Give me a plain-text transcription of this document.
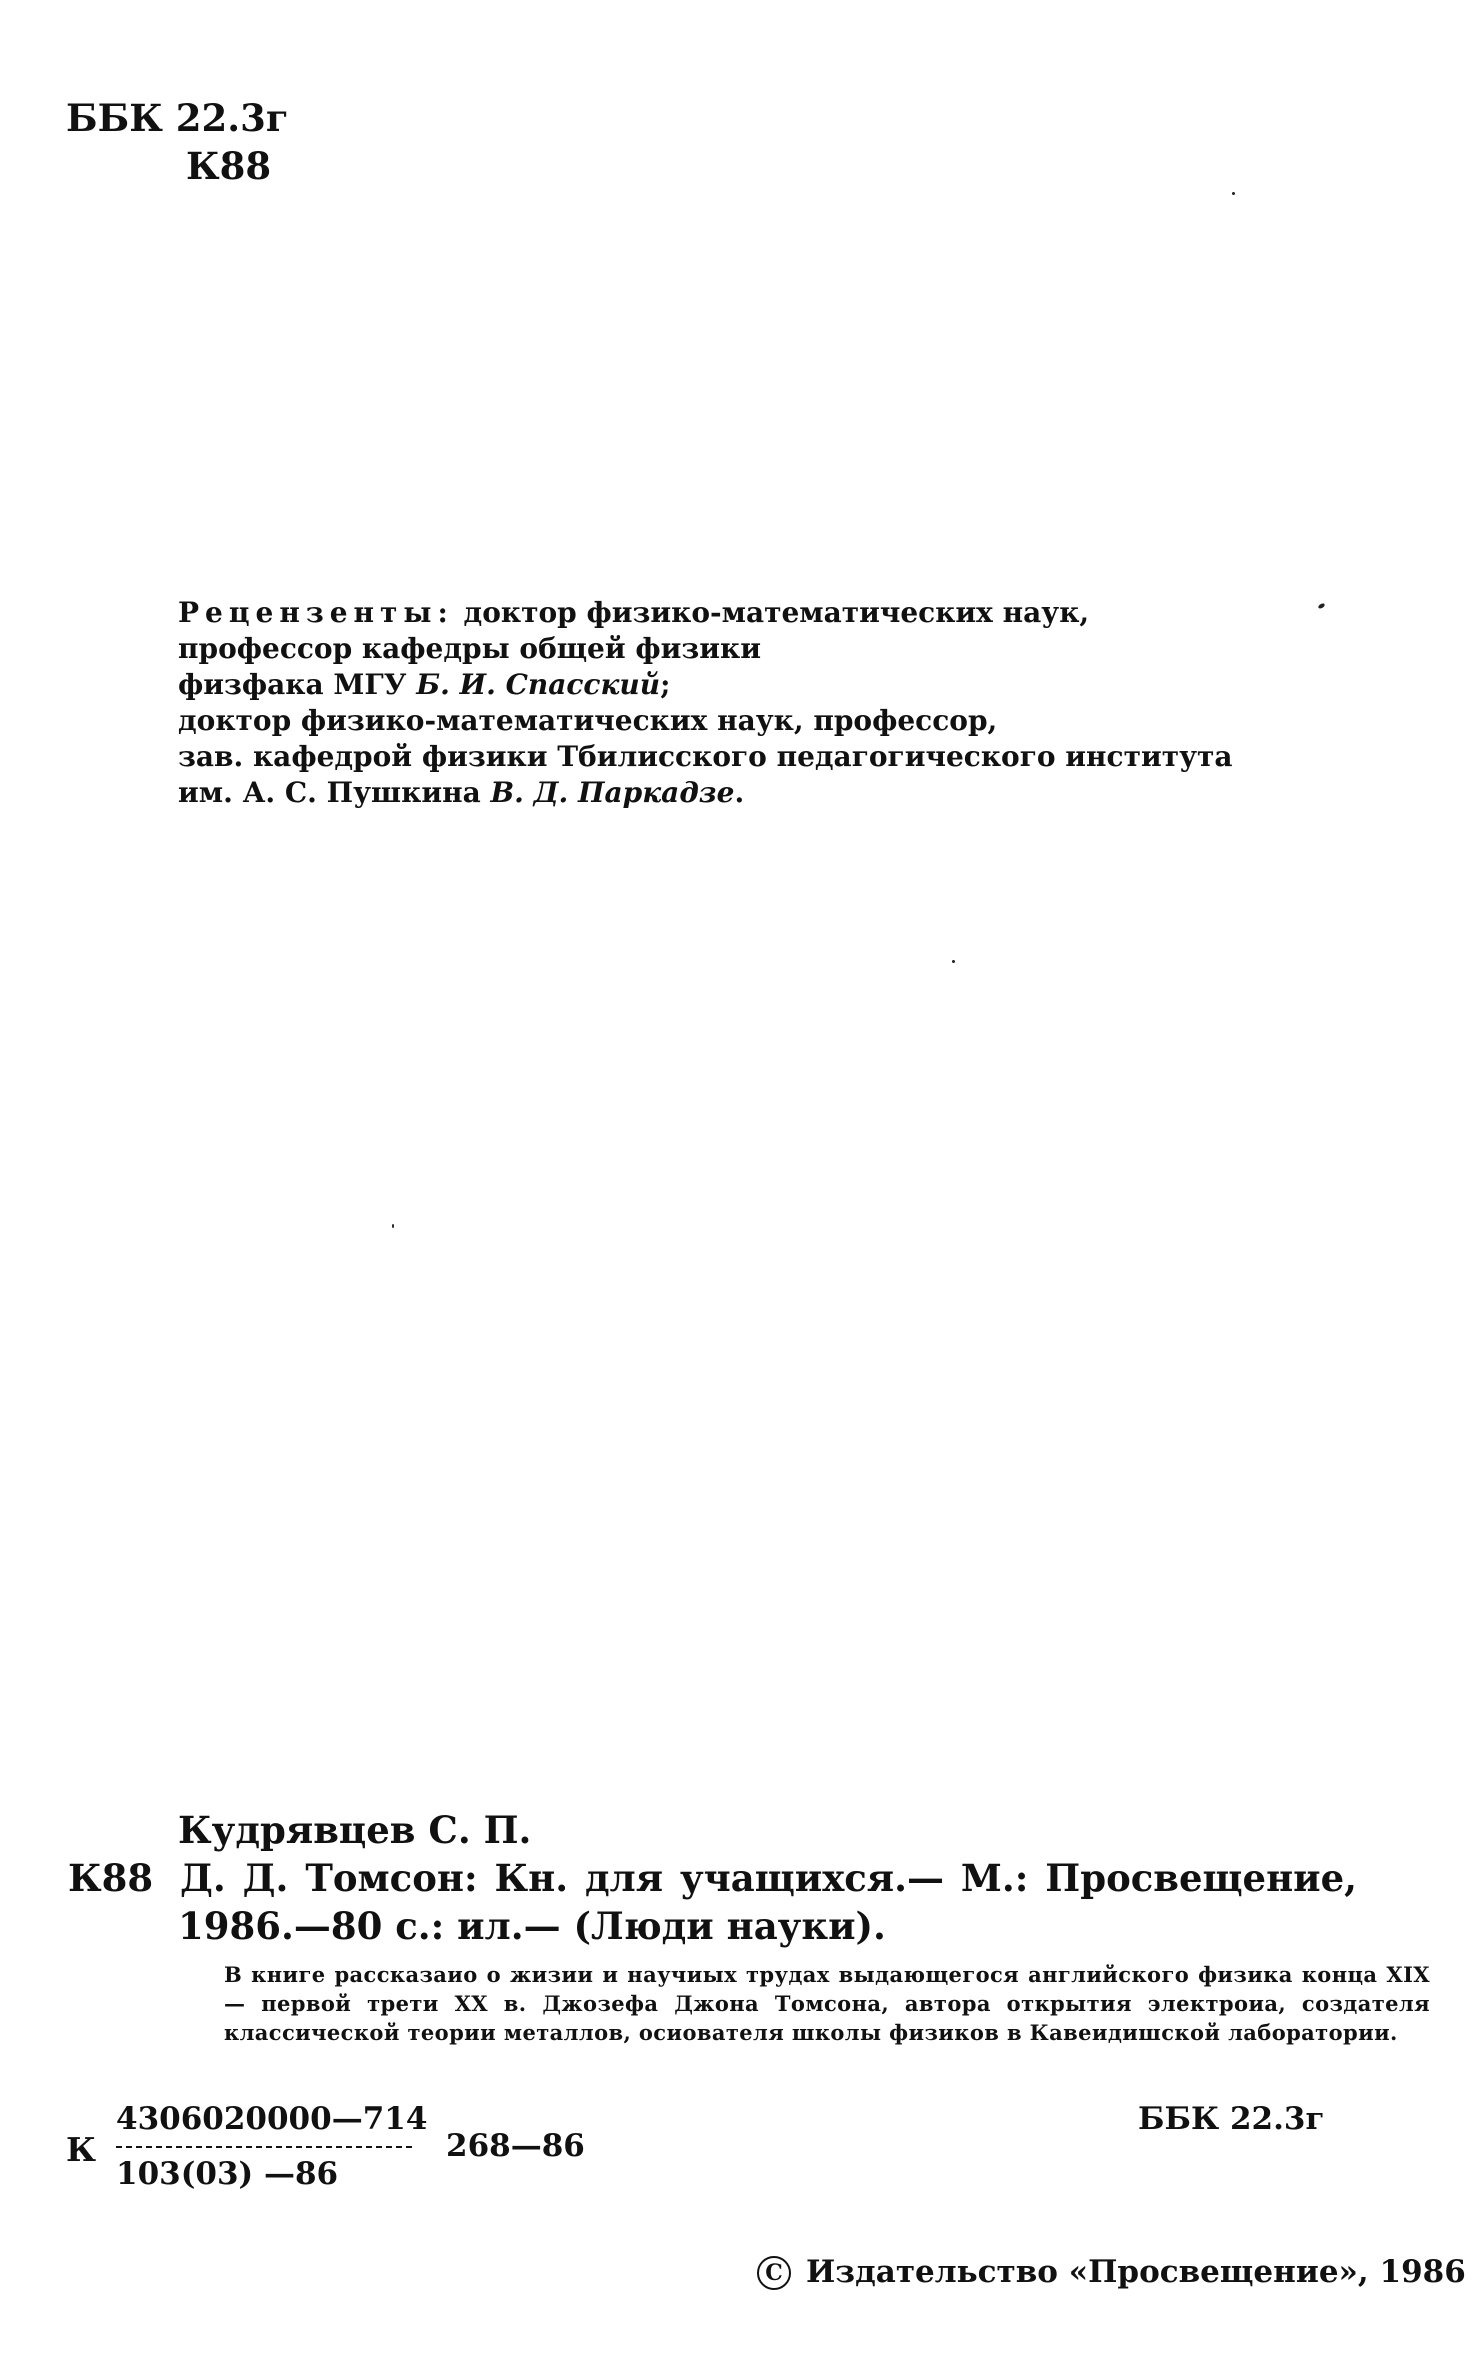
ББК 22.3г
К88
Рецензенты: доктор физико-математических наук,
профессор кафедры общей физики
физфака МГУ Б. И. Спасский;
доктор физико-математических наук, профессор,
зав. кафедрой физики Тбилисского педагогического института
им. А. С. Пушкина В. Д. Паркадзе.
Кудрявцев С. П.
К88 Д. Д. Томсон: Кн. для учащихся.— М.: Просвещение,
1986.—80 с.: ил.— (Люди науки).
В книге рассказаио о жизии и научиых трудах выдающегося английского физика конца XIX— первой трети XX в. Джозефа Джона Томсона, автора открытия электроиа, создателя классической теории металлов, осиователя школы физиков в Кавеидишской лаборатории.
К
4306020000—714
103(03) —86
268—86
ББК 22.3г
C Издательство «Просвещение», 1986
